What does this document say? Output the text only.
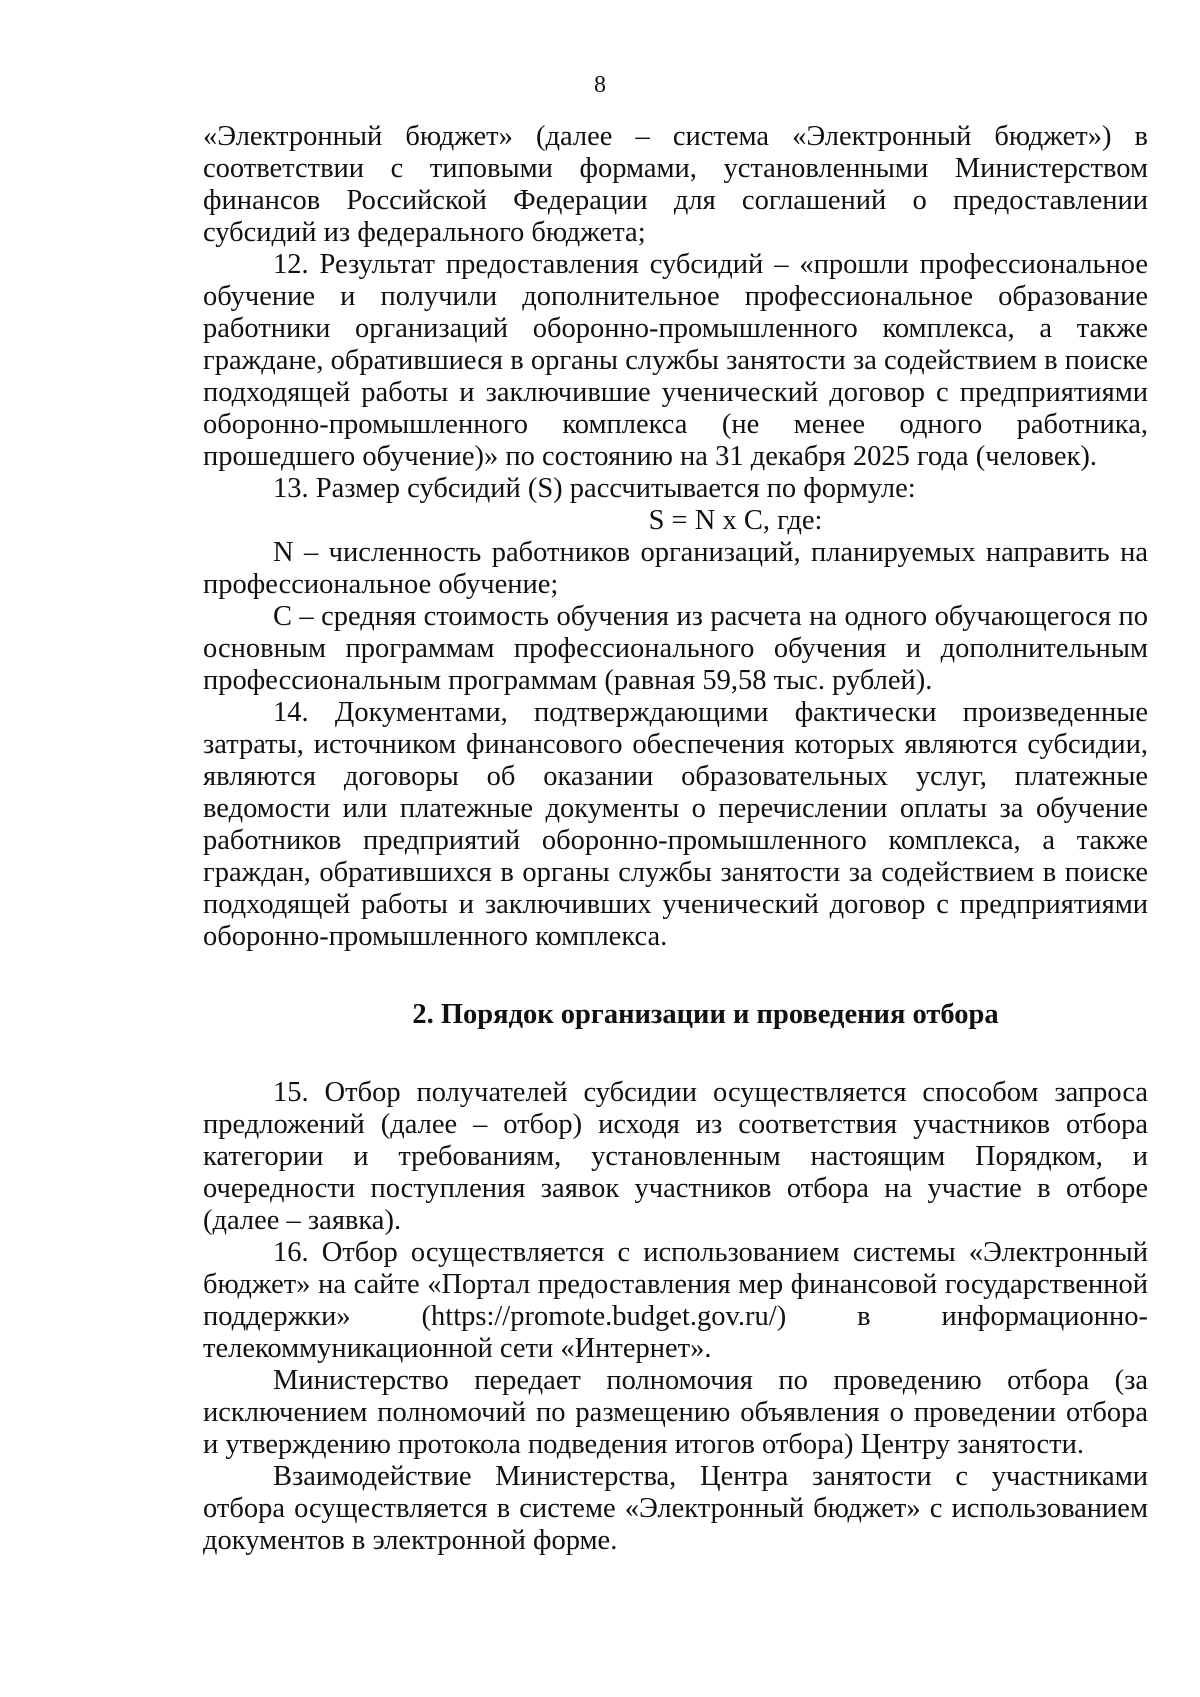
8

«Электронный бюджет» (далее – система «Электронный бюджет») в соответствии с типовыми формами, установленными Министерством финансов Российской Федерации для соглашений о предоставлении субсидий из федерального бюджета;

12. Результат предоставления субсидий – «прошли профессиональное обучение и получили дополнительное профессиональное образование работники организаций оборонно-промышленного комплекса, а также граждане, обратившиеся в органы службы занятости за содействием в поиске подходящей работы и заключившие ученический договор с предприятиями оборонно-промышленного комплекса (не менее одного работника, прошедшего обучение)» по состоянию на 31 декабря 2025 года (человек).

13. Размер субсидий (S) рассчитывается по формуле:

S = N x C, где:

N – численность работников организаций, планируемых направить на профессиональное обучение;

C – средняя стоимость обучения из расчета на одного обучающегося по основным программам профессионального обучения и дополнительным профессиональным программам (равная 59,58 тыс. рублей).

14. Документами, подтверждающими фактически произведенные затраты, источником финансового обеспечения которых являются субсидии, являются договоры об оказании образовательных услуг, платежные ведомости или платежные документы о перечислении оплаты за обучение работников предприятий оборонно-промышленного комплекса, а также граждан, обратившихся в органы службы занятости за содействием в поиске подходящей работы и заключивших ученический договор с предприятиями оборонно-промышленного комплекса.

2. Порядок организации и проведения отбора

15. Отбор получателей субсидии осуществляется способом запроса предложений (далее – отбор) исходя из соответствия участников отбора категории и требованиям, установленным настоящим Порядком, и очередности поступления заявок участников отбора на участие в отборе (далее – заявка).

16. Отбор осуществляется с использованием системы «Электронный бюджет» на сайте «Портал предоставления мер финансовой государственной поддержки» (https://promote.budget.gov.ru/) в информационно-телекоммуникационной сети «Интернет».

Министерство передает полномочия по проведению отбора (за исключением полномочий по размещению объявления о проведении отбора и утверждению протокола подведения итогов отбора) Центру занятости.

Взаимодействие Министерства, Центра занятости с участниками отбора осуществляется в системе «Электронный бюджет» с использованием документов в электронной форме.
